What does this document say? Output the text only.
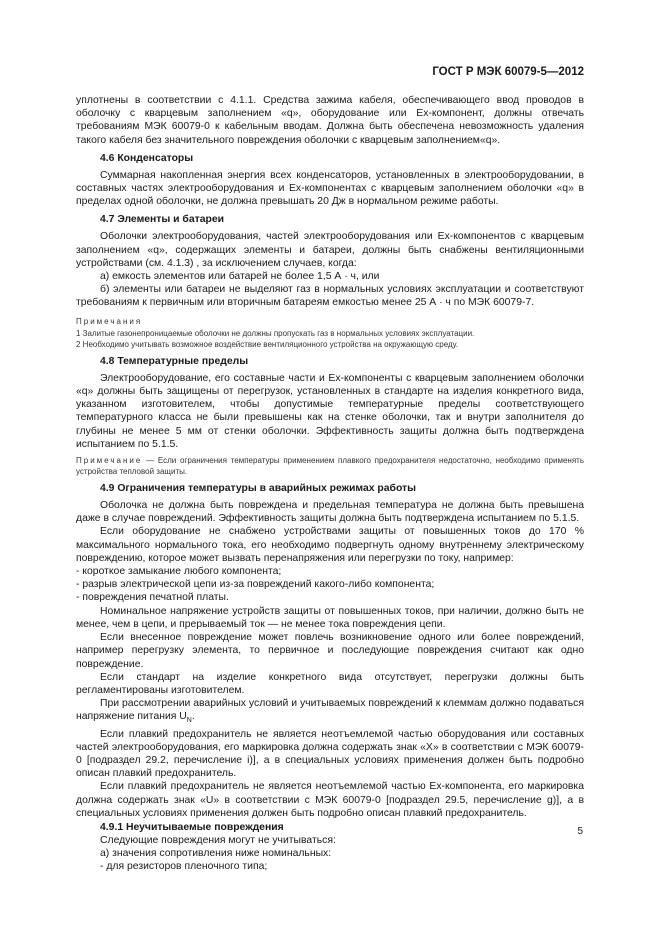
ГОСТ Р МЭК 60079-5—2012

уплотнены в соответствии с 4.1.1. Средства зажима кабеля, обеспечивающего ввод проводов в оболочку с кварцевым заполнением «q», оборудование или Ex-компонент, должны отвечать требованиям МЭК 60079-0 к кабельным вводам. Должна быть обеспечена невозможность удаления такого кабеля без значительного повреждения оболочки с кварцевым заполнением«q».

4.6 Конденсаторы

Суммарная накопленная энергия всех конденсаторов, установленных в электрооборудовании, в составных частях электрооборудования и Ex-компонентах с кварцевым заполнением оболочки «q» в пределах одной оболочки, не должна превышать 20 Дж в нормальном режиме работы.

4.7 Элементы и батареи

Оболочки электрооборудования, частей электрооборудования или Ex-компонентов с кварцевым заполнением «q», содержащих элементы и батареи, должны быть снабжены вентиляционными устройствами (см. 4.1.3) , за исключением случаев, когда:

а) емкость элементов или батарей не более 1,5 А · ч, или

б) элементы или батареи не выделяют газ в нормальных условиях эксплуатации и соответствуют требованиям к первичным или вторичным батареям емкостью менее 25 А · ч по МЭК 60079-7.

Примечания
1 Залитые газонепроницаемые оболочки не должны пропускать газ в нормальных условиях эксплуатации.
2 Необходимо учитывать возможное воздействие вентиляционного устройства на окружающую среду.
4.8 Температурные пределы

Электрооборудование, его составные части и Ex-компоненты с кварцевым заполнением оболочки «q» должны быть защищены от перегрузок, установленных в стандарте на изделия конкретного вида, указанном изготовителем, чтобы допустимые температурные пределы соответствующего температурного класса не были превышены как на стенке оболочки, так и внутри заполнителя до глубины не менее 5 мм от стенки оболочки. Эффективность защиты должна быть подтверждена испытанием по 5.1.5.

Примечание — Если ограничения температуры применением плавкого предохранителя недостаточно, необходимо применять устройства тепловой защиты.
4.9 Ограничения температуры в аварийных режимах работы

Оболочка не должна быть повреждена и предельная температура не должна быть превышена даже в случае повреждений. Эффективность защиты должна быть подтверждена испытанием по 5.1.5.

Если оборудование не снабжено устройствами защиты от повышенных токов до 170 % максимального нормального тока, его необходимо подвергнуть одному внутреннему электрическому повреждению, которое может вызвать перенапряжения или перегрузки по току, например:

- короткое замыкание любого компонента;

- разрыв электрической цепи из-за повреждений какого-либо компонента;

- повреждения печатной платы.

Номинальное напряжение устройств защиты от повышенных токов, при наличии, должно быть не менее, чем в цепи, и прерываемый ток — не менее тока повреждения цепи.

Если внесенное повреждение может повлечь возникновение одного или более повреждений, например перегрузку элемента, то первичное и последующие повреждения считают как одно повреждение.

Если стандарт на изделие конкретного вида отсутствует, перегрузки должны быть регламентированы изготовителем.

При рассмотрении аварийных условий и учитываемых повреждений к клеммам должно подаваться напряжение питания $U_N$.

Если плавкий предохранитель не является неотъемлемой частью оборудования или составных частей электрооборудования, его маркировка должна содержать знак «X» в соответствии с МЭК 60079-0 [подраздел 29.2, перечисление i)], а в специальных условиях применения должен быть подробно описан плавкий предохранитель.

Если плавкий предохранитель не является неотъемлемой частью Ex-компонента, его маркировка должна содержать знак «U» в соответствии с МЭК 60079-0 [подраздел 29.5, перечисление g)], а в специальных условиях применения должен быть подробно описан плавкий предохранитель.

4.9.1 Неучитываемые повреждения

Следующие повреждения могут не учитываться:

а) значения сопротивления ниже номинальных:

- для резисторов пленочного типа;

5
